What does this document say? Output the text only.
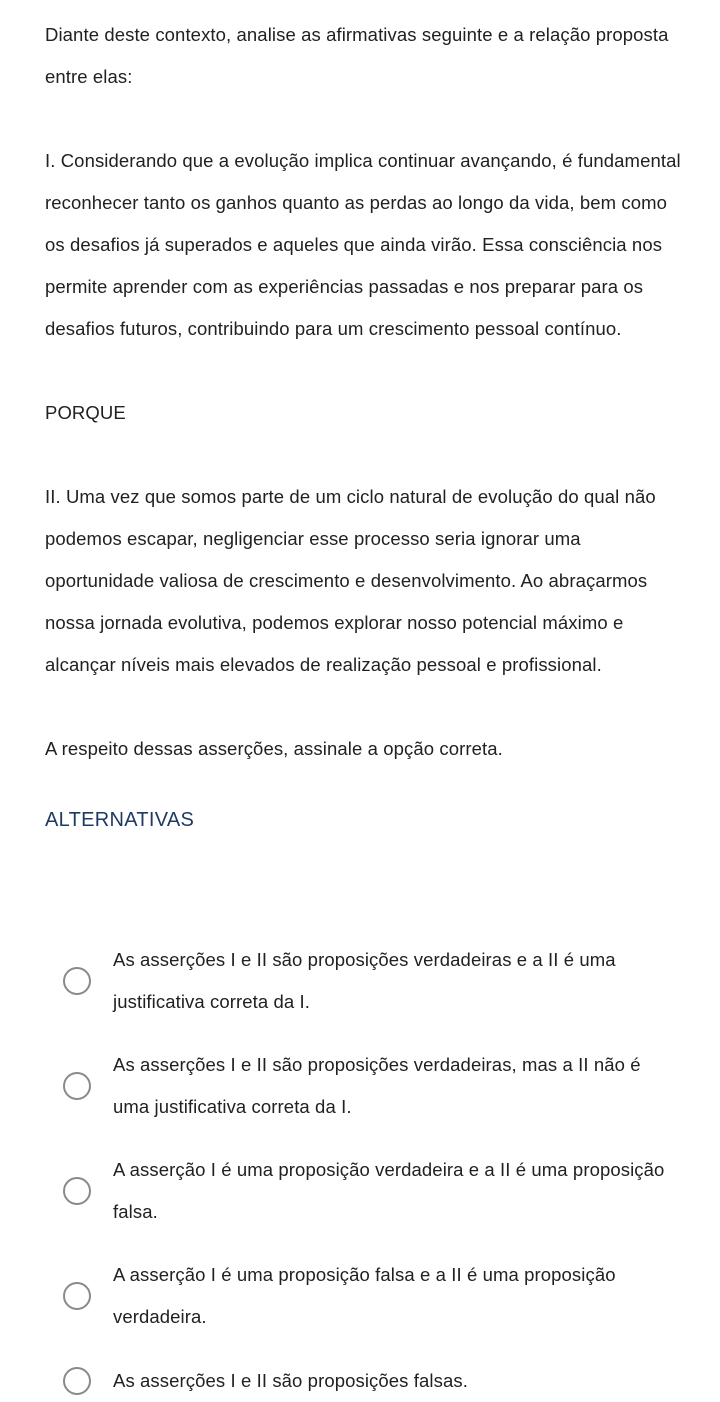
Diante deste contexto, analise as afirmativas seguinte e a relação proposta entre elas:

I. Considerando que a evolução implica continuar avançando, é fundamental reconhecer tanto os ganhos quanto as perdas ao longo da vida, bem como os desafios já superados e aqueles que ainda virão. Essa consciência nos permite aprender com as experiências passadas e nos preparar para os desafios futuros, contribuindo para um crescimento pessoal contínuo.

PORQUE

II. Uma vez que somos parte de um ciclo natural de evolução do qual não podemos escapar, negligenciar esse processo seria ignorar uma oportunidade valiosa de crescimento e desenvolvimento. Ao abraçarmos nossa jornada evolutiva, podemos explorar nosso potencial máximo e alcançar níveis mais elevados de realização pessoal e profissional.

A respeito dessas asserções, assinale a opção correta.

ALTERNATIVAS
As asserções I e II são proposições verdadeiras e a II é uma justificativa correta da I.
As asserções I e II são proposições verdadeiras, mas a II não é uma justificativa correta da I.
A asserção I é uma proposição verdadeira e a II é uma proposição falsa.
A asserção I é uma proposição falsa e a II é uma proposição verdadeira.
As asserções I e II são proposições falsas.
